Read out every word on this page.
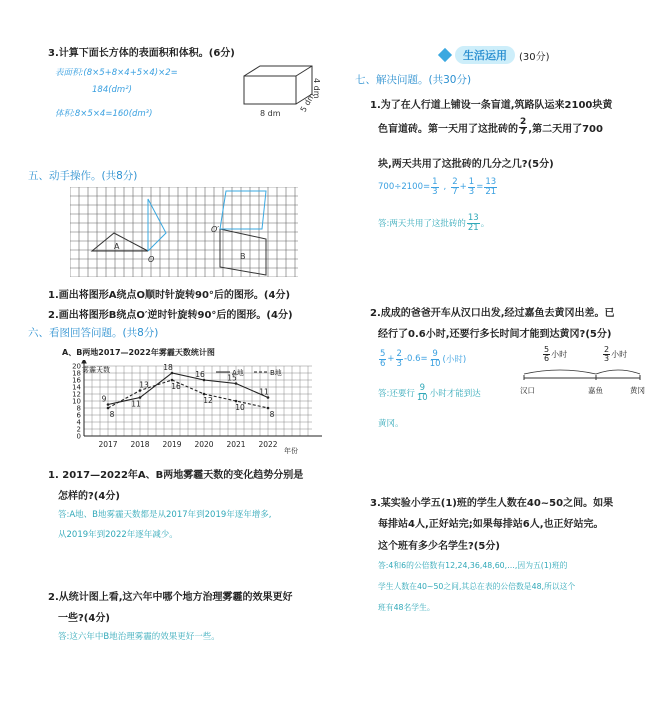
3.计算下面长方体的表面积和体积。(6分)
表面积:(8×5+8×4+5×4)×2=
184(dm²)
体积:8×5×4=160(dm³)	8 dm 5 dm
4 dm
五、动手操作。(共8分)
A
O
O′
B
1.画出将图形A绕点O顺时针旋转90°后的图形。(4分)
2.画出将图形B绕点O′逆时针旋转90°后的图形。(4分)
六、看图回答问题。(共8分)
A、B两地2017—2022年雾霾天数统计图
0
2
4
6
8
10
12
14
16
18
20
2017 2018 2019 2020 2021 2022
9
11
18
16	15
11
8
13	16
12
10
8
雾霾天数
年份
A地	B地
1. 2017—2022年A、B两地雾霾天数的变化趋势分别是
怎样的?(4分)
答:A地、B地雾霾天数都是从2017年到2019年逐年增多,
从2019年到2022年逐年减少。
2.从统计图上看,这六年中哪个地方治理雾霾的效果更好
一些?(4分)
答:这六年中B地治理雾霾的效果更好一些。
生活运用	(30分)
七、解决问题。(共30分)
1.为了在人行道上铺设一条盲道,筑路队运来2100块黄
色盲道砖。第一天用了这批砖的 $\frac{2}{7}$ ,第二天用了700
块,两天共用了这批砖的几分之几?(5分)
$700\div 2100= \frac{1}{3}$ , $\frac{2}{7} + \frac{1}{3} = \frac{13}{21}$
答:两天共用了这批砖的 $\frac{13}{21}$ 。
2.成成的爸爸开车从汉口出发,经过嘉鱼去黄冈出差。已
经行了0.6小时,还要行多长时间才能到达黄冈?(5分)
$\frac{5}{6} + \frac{2}{3} -0.6= \frac{9}{10}$ (小时)
答:还要行 $\frac{9}{10}$ 小时才能到达
黄冈。
$\frac{5}{6}$ 小时	$\frac{2}{3}$ 小时
汉口	嘉鱼	黄冈
3.某实验小学五(1)班的学生人数在40~50之间。如果
每排站4人,正好站完;如果每排站6人,也正好站完。
这个班有多少名学生?(5分)
答:4和6的公倍数有12,24,36,48,60,…,因为五(1)班的
学生人数在40~50之间,其总在表的公倍数是48,所以这个
班有48名学生。
